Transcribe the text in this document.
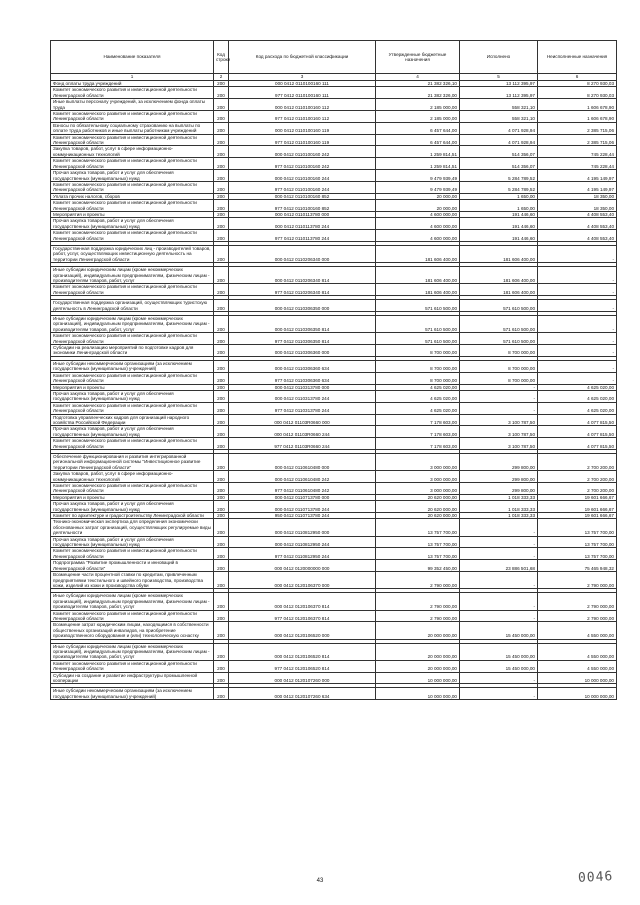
Наименование показателя	Код строки	Код расхода по бюджетной классификации	Утвержденные бюджетные назначения	Исполнено	Неисполненные назначения
1	2	3	4	5	6
Фонд оплаты труда учреждений	200	000 0412 0110100160 111	21 382 326,10	13 112 395,97	8 270 930,03
Комитет экономического развития и инвестиционной деятельности Ленинградской области	200	977 0412 0110100160 111	21 382 326,00	13 112 395,97	8 270 930,03
Иные выплаты персоналу учреждений, за исключением фонда оплаты труда	200	000 0412 0110100160 112	2 185 000,00	558 321,10	1 606 678,90
Комитет экономического развития и инвестиционной деятельности Ленинградской области	200	977 0412 0110100160 112	2 185 000,00	558 321,10	1 606 678,90
Взносы по обязательному социальному страхованию на выплаты по оплате труда работников и иные выплаты работникам учреждений	200	000 0412 0110100160 119	6 457 644,00	4 071 928,94	2 385 715,06
Комитет экономического развития и инвестиционной деятельности Ленинградской области	200	977 0412 0110100160 119	6 457 644,00	4 071 928,94	2 385 715,06
Закупка товаров, работ, услуг в сфере информационно-коммуникационных технологий	200	000 0412 0110100160 242	1 259 814,51	514 356,07	745 228,44
Комитет экономического развития и инвестиционной деятельности Ленинградской области	200	977 0412 0110100160 242	1 259 814,51	514 356,07	745 228,44
Прочая закупка товаров, работ и услуг для обеспечения государственных (муниципальных) нужд	200	000 0412 0110100160 244	9 479 939,49	5 284 789,52	4 195 149,97
Комитет экономического развития и инвестиционной деятельности Ленинградской области	200	977 0412 0110100160 244	9 479 939,49	5 284 789,52	4 195 149,97
Уплата прочих налогов, сборов	200	000 0412 0110100160 852	20 000,00	1 650,00	18 350,00
Комитет экономического развития и инвестиционной деятельности Ленинградской области	200	977 0412 0110100160 852	20 000,00	1 650,00	18 350,00
Мероприятия и проекты	200	000 0412 0110113780 000	4 600 000,00	191 446,60	4 408 553,40
Прочая закупка товаров, работ и услуг для обеспечения государственных (муниципальных) нужд	200	000 0412 0110113780 244	4 600 000,00	191 446,60	4 408 553,40
Комитет экономического развития и инвестиционной деятельности Ленинградской области	200	977 0412 0110113780 244	4 600 000,00	191 446,60	4 408 553,40

Государственная поддержка юридических лиц - производителей товаров, работ, услуг, осуществляющих инвестиционную деятельность на территории Ленинградской области	200	000 0412 0110206340 000	181 606 400,00	181 606 400,00	-

Иные субсидии юридическим лицам (кроме некоммерческих организаций), индивидуальным предпринимателям, физическим лицам - производителям товаров, работ, услуг	200	000 0412 0110206340 814	181 606 400,00	181 606 400,00	-
Комитет экономического развития и инвестиционной деятельности Ленинградской области	200	977 0412 0110206340 814	181 606 400,00	181 606 400,00	-

Государственная поддержка организаций, осуществляющих туристскую деятельность в Ленинградской области	200	000 0412 0110306350 000	571 610 500,00	571 610 500,00	-

Иные субсидии юридическим лицам (кроме некоммерческих организаций), индивидуальным предпринимателям, физическим лицам - производителям товаров, работ, услуг	200	000 0412 0110306350 814	571 610 500,00	571 610 500,00	-
Комитет экономического развития и инвестиционной деятельности Ленинградской области	200	977 0412 0110306350 814	571 610 500,00	571 610 500,00	-
Субсидии на реализацию мероприятий по подготовке кадров для экономики Ленинградской области	200	000 0412 0110306360 000	8 700 000,00	8 700 000,00	-

Иные субсидии некоммерческим организациям (за исключением государственных (муниципальных) учреждений)	200	000 0412 0110306360 634	8 700 000,00	8 700 000,00	-
Комитет экономического развития и инвестиционной деятельности Ленинградской области	200	977 0412 0110306360 634	8 700 000,00	8 700 000,00	-
Мероприятия и проекты	200	000 0412 0110313780 000	4 625 020,00	-	4 625 020,00
Прочая закупка товаров, работ и услуг для обеспечения государственных (муниципальных) нужд	200	000 0412 0110313780 244	4 625 020,00	-	4 625 020,00
Комитет экономического развития и инвестиционной деятельности Ленинградской области	200	977 0412 0110313780 244	4 625 020,00	-	4 625 020,00
Подготовка управленческих кадров для организаций народного хозяйства Российской Федерации	200	000 0412 01103R0660 000	7 178 603,00	3 100 787,50	4 077 815,50
Прочая закупка товаров, работ и услуг для обеспечения государственных (муниципальных) нужд	200	000 0412 01103R0660 244	7 178 603,00	3 100 787,50	4 077 815,50
Комитет экономического развития и инвестиционной деятельности Ленинградской области	200	977 0412 01103R0660 244	7 178 603,00	3 100 787,50	4 077 815,50

Обеспечение функционирования и развития интегрированной региональной информационной системы "Инвестиционное развитие территории Ленинградской области"	200	000 0412 0110610480 000	3 000 000,00	299 800,00	2 700 200,00
Закупка товаров, работ, услуг в сфере информационно-коммуникационных технологий	200	000 0412 0110610480 242	3 000 000,00	299 800,00	2 700 200,00
Комитет экономического развития и инвестиционной деятельности Ленинградской области	200	977 0412 0110610480 242	3 000 000,00	299 800,00	2 700 200,00
Мероприятия и проекты	200	000 0412 0110713780 000	20 620 000,00	1 018 333,33	19 601 666,67
Прочая закупка товаров, работ и услуг для обеспечения государственных (муниципальных) нужд	200	000 0412 0110713780 244	20 620 000,00	1 018 333,33	19 601 666,67
Комитет по архитектуре и градостроительству Ленинградской области	200	950 0412 0110713780 244	20 620 000,00	1 018 333,33	19 601 666,67
Технико-экономическая экспертиза для определения экономически обоснованных затрат организаций, осуществляющих регулируемые виды деятельности	200	000 0412 0110812950 000	13 757 700,00	-	13 757 700,00
Прочая закупка товаров, работ и услуг для обеспечения государственных (муниципальных) нужд	200	000 0412 0110812950 244	13 757 700,00	-	13 757 700,00
Комитет экономического развития и инвестиционной деятельности Ленинградской области	200	977 0412 0110812950 244	13 757 700,00	-	13 757 700,00
Подпрограмма "Развитие промышленности и инноваций в Ленинградской области"	200	000 0412 0120000000 000	99 352 450,00	23 886 501,68	75 465 948,32
Возмещение части процентной ставки по кредитам, привлеченным предприятиями текстильного и швейного производства, производства кожи, изделий из кожи и производства обуви	200	000 0412 0120106370 000	2 790 000,00	-	2 790 000,00

Иные субсидии юридическим лицам (кроме некоммерческих организаций), индивидуальным предпринимателям, физическим лицам - производителям товаров, работ, услуг	200	000 0412 0120106370 814	2 790 000,00	-	2 790 000,00
Комитет экономического развития и инвестиционной деятельности Ленинградской области	200	977 0412 0120106370 814	2 790 000,00	-	2 790 000,00
Возмещение затрат юридическим лицам, находящимся в собственности общественных организаций инвалидов, на приобретение производственного оборудования и (или) технологическую оснастку	200	000 0412 0120106520 000	20 000 000,00	15 450 000,00	4 550 000,00

Иные субсидии юридическим лицам (кроме некоммерческих организаций), индивидуальным предпринимателям, физическим лицам - производителям товаров, работ, услуг	200	000 0412 0120106520 814	20 000 000,00	15 450 000,00	4 550 000,00
Комитет экономического развития и инвестиционной деятельности Ленинградской области	200	977 0412 0120106520 814	20 000 000,00	15 450 000,00	4 550 000,00
Субсидии на создание и развитие инфраструктуры промышленной кооперации	200	000 0412 0120107260 000	10 000 000,00	-	10 000 000,00

Иные субсидии некоммерческим организациям (за исключением государственных (муниципальных) учреждений)	200	000 0412 0120107260 634	10 000 000,00	-	10 000 000,00
43	0046
